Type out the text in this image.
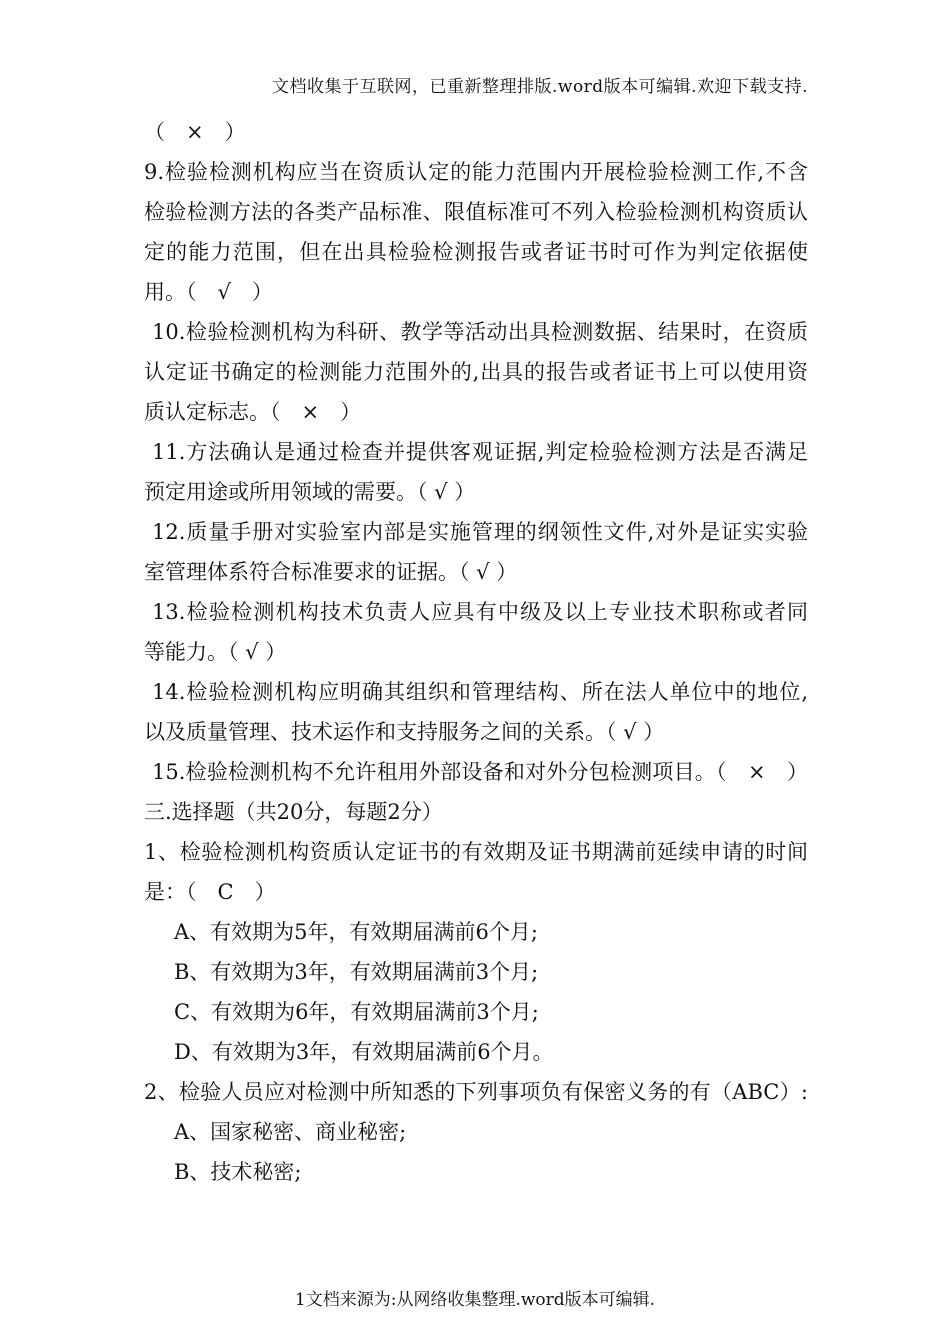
文档收集于互联网，已重新整理排版.word版本可编辑.欢迎下载支持.
（　×　）
9.检验检测机构应当在资质认定的能力范围内开展检验检测工作,不含
检验检测方法的各类产品标准、限值标准可不列入检验检测机构资质认
定的能力范围，但在出具检验检测报告或者证书时可作为判定依据使
用。（　√　）
10.检验检测机构为科研、教学等活动出具检测数据、结果时，在资质
认定证书确定的检测能力范围外的,出具的报告或者证书上可以使用资
质认定标志。（　×　）
11.方法确认是通过检查并提供客观证据,判定检验检测方法是否满足
预定用途或所用领域的需要。（ √ ）
12.质量手册对实验室内部是实施管理的纲领性文件,对外是证实实验
室管理体系符合标准要求的证据。（ √ ）
13.检验检测机构技术负责人应具有中级及以上专业技术职称或者同
等能力。（ √ ）
14.检验检测机构应明确其组织和管理结构、所在法人单位中的地位,
以及质量管理、技术运作和支持服务之间的关系。（ √ ）
15.检验检测机构不允许租用外部设备和对外分包检测项目。（　×　）
三.选择题（共20分，每题2分）
1、检验检测机构资质认定证书的有效期及证书期满前延续申请的时间
是：（　C　）
A、有效期为5年，有效期届满前6个月;
B、有效期为3年，有效期届满前3个月;
C、有效期为6年，有效期届满前3个月;
D、有效期为3年，有效期届满前6个月。
2、检验人员应对检测中所知悉的下列事项负有保密义务的有（ABC）:
A、国家秘密、商业秘密;
B、技术秘密;
1文档来源为:从网络收集整理.word版本可编辑.
